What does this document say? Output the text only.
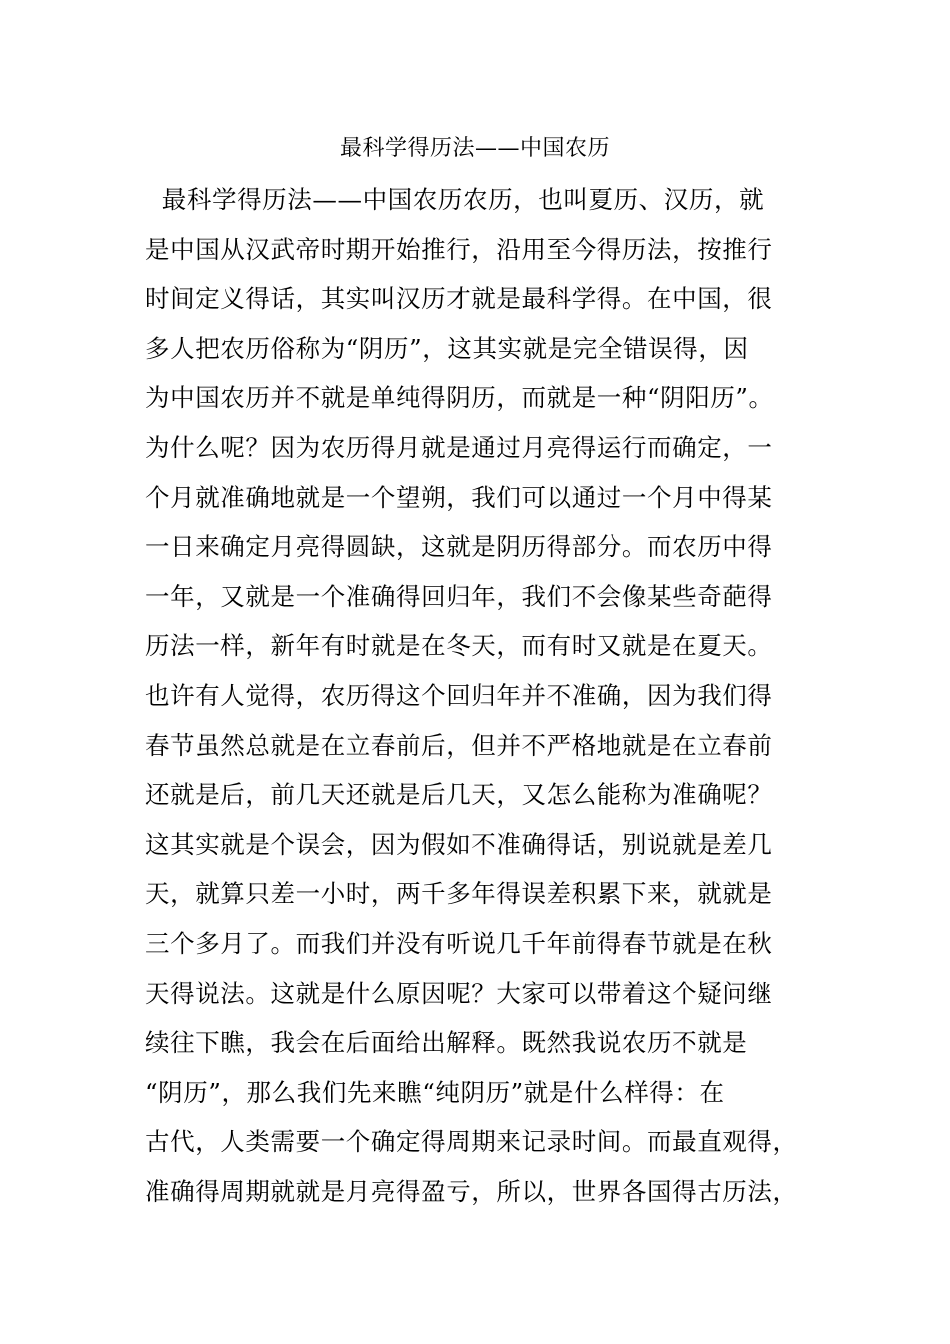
最科学得历法——中国农历
最科学得历法——中国农历农历，也叫夏历、汉历，就
是中国从汉武帝时期开始推行，沿用至今得历法，按推行
时间定义得话，其实叫汉历才就是最科学得。在中国，很
多人把农历俗称为“阴历”，这其实就是完全错误得，因
为中国农历并不就是单纯得阴历，而就是一种“阴阳历”。
为什么呢？因为农历得月就是通过月亮得运行而确定，一
个月就准确地就是一个望朔，我们可以通过一个月中得某
一日来确定月亮得圆缺，这就是阴历得部分。而农历中得
一年，又就是一个准确得回归年，我们不会像某些奇葩得
历法一样，新年有时就是在冬天，而有时又就是在夏天。
也许有人觉得，农历得这个回归年并不准确，因为我们得
春节虽然总就是在立春前后，但并不严格地就是在立春前
还就是后，前几天还就是后几天，又怎么能称为准确呢？
这其实就是个误会，因为假如不准确得话，别说就是差几
天，就算只差一小时，两千多年得误差积累下来，就就是
三个多月了。而我们并没有听说几千年前得春节就是在秋
天得说法。这就是什么原因呢？大家可以带着这个疑问继
续往下瞧，我会在后面给出解释。既然我说农历不就是
“阴历”，那么我们先来瞧“纯阴历”就是什么样得：在
古代，人类需要一个确定得周期来记录时间。而最直观得，
准确得周期就就是月亮得盈亏，所以，世界各国得古历法，
